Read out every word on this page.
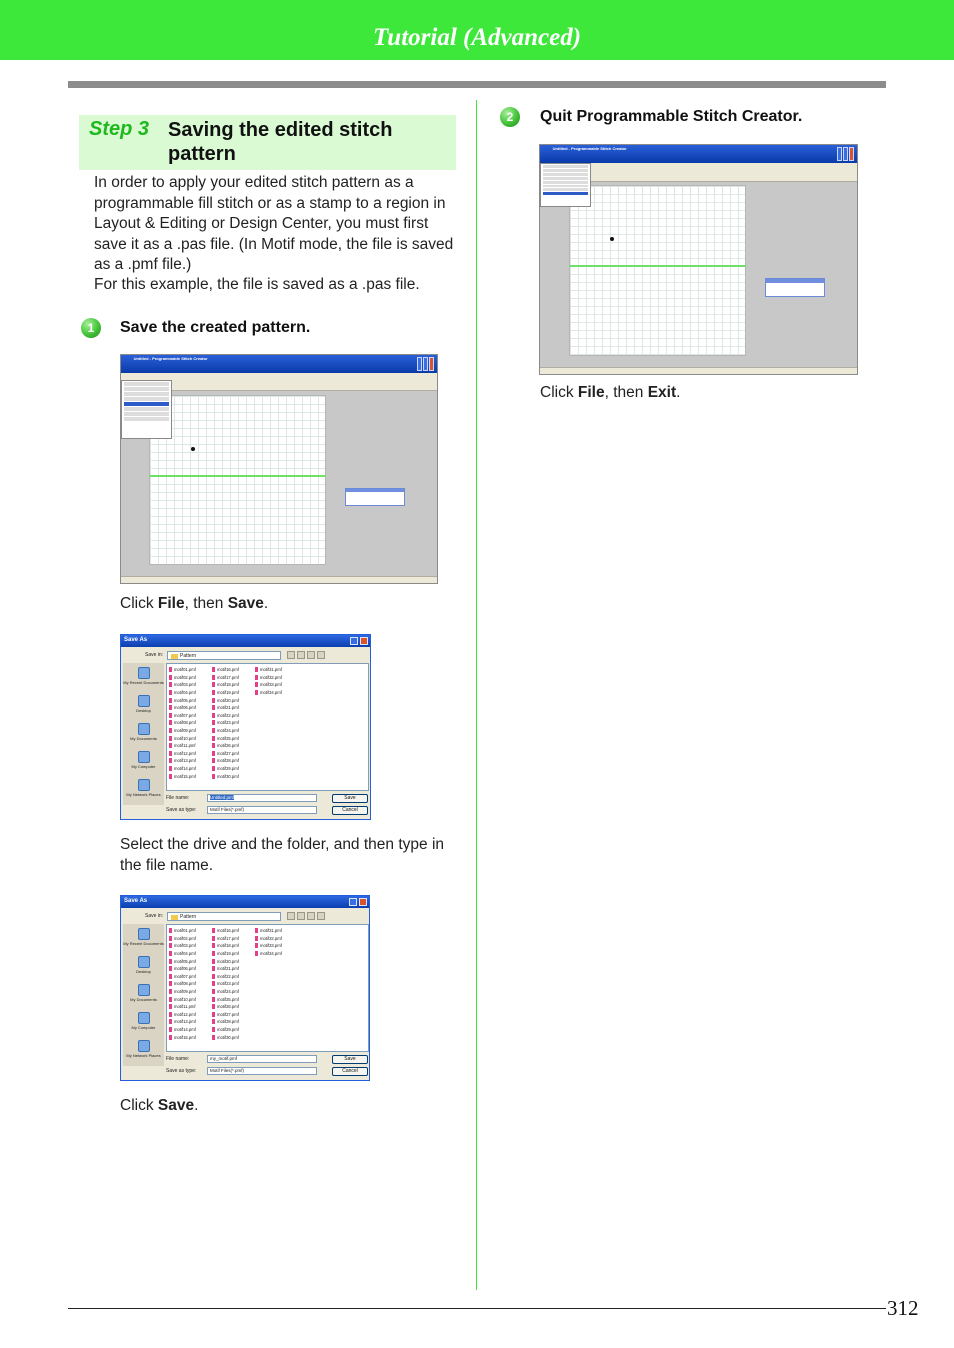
Tutorial (Advanced)
Step 3 Saving the edited stitch pattern
In order to apply your edited stitch pattern as a programmable fill stitch or as a stamp to a region in Layout & Editing or Design Center, you must first save it as a .pas file. (In Motif mode, the file is saved as a .pmf file.)
For this example, the file is saved as a .pas file.
1	Save the created pattern.
Untitled - Programmable Stitch Creator
Click File, then Save.
Save As
Save in:	Pattern
My Recent Documents
Desktop
My Documents
My Computer
My Network Places
motif01.pmf
motif02.pmf
motif03.pmf
motif04.pmf
motif05.pmf
motif06.pmf
motif07.pmf
motif08.pmf
motif09.pmf
motif10.pmf
motif11.pmf
motif12.pmf
motif13.pmf
motif14.pmf
motif15.pmf
motif16.pmf
motif17.pmf
motif18.pmf
motif19.pmf
motif20.pmf
motif21.pmf
motif22.pmf
motif23.pmf
motif24.pmf
motif25.pmf
motif26.pmf
motif27.pmf
motif28.pmf
motif29.pmf
motif30.pmf
motif31.pmf
motif32.pmf
motif33.pmf
motif34.pmf
File name:	Untitled.pmf
Save as type:	Motif Files(*.pmf)
Save
Cancel
Select the drive and the folder, and then type in the file name.
Save As
Save in:	Pattern
My Recent Documents
Desktop
My Documents
My Computer
My Network Places
motif01.pmf
motif02.pmf
motif03.pmf
motif04.pmf
motif05.pmf
motif06.pmf
motif07.pmf
motif08.pmf
motif09.pmf
motif10.pmf
motif11.pmf
motif12.pmf
motif13.pmf
motif14.pmf
motif15.pmf
motif16.pmf
motif17.pmf
motif18.pmf
motif19.pmf
motif20.pmf
motif21.pmf
motif22.pmf
motif23.pmf
motif24.pmf
motif25.pmf
motif26.pmf
motif27.pmf
motif28.pmf
motif29.pmf
motif30.pmf
motif31.pmf
motif32.pmf
motif33.pmf
motif34.pmf
File name:	my_motif.pmf
Save as type:	Motif Files(*.pmf)
Save
Cancel
Click Save.
2	Quit Programmable Stitch Creator.
Untitled - Programmable Stitch Creator
Click File, then Exit.
312
